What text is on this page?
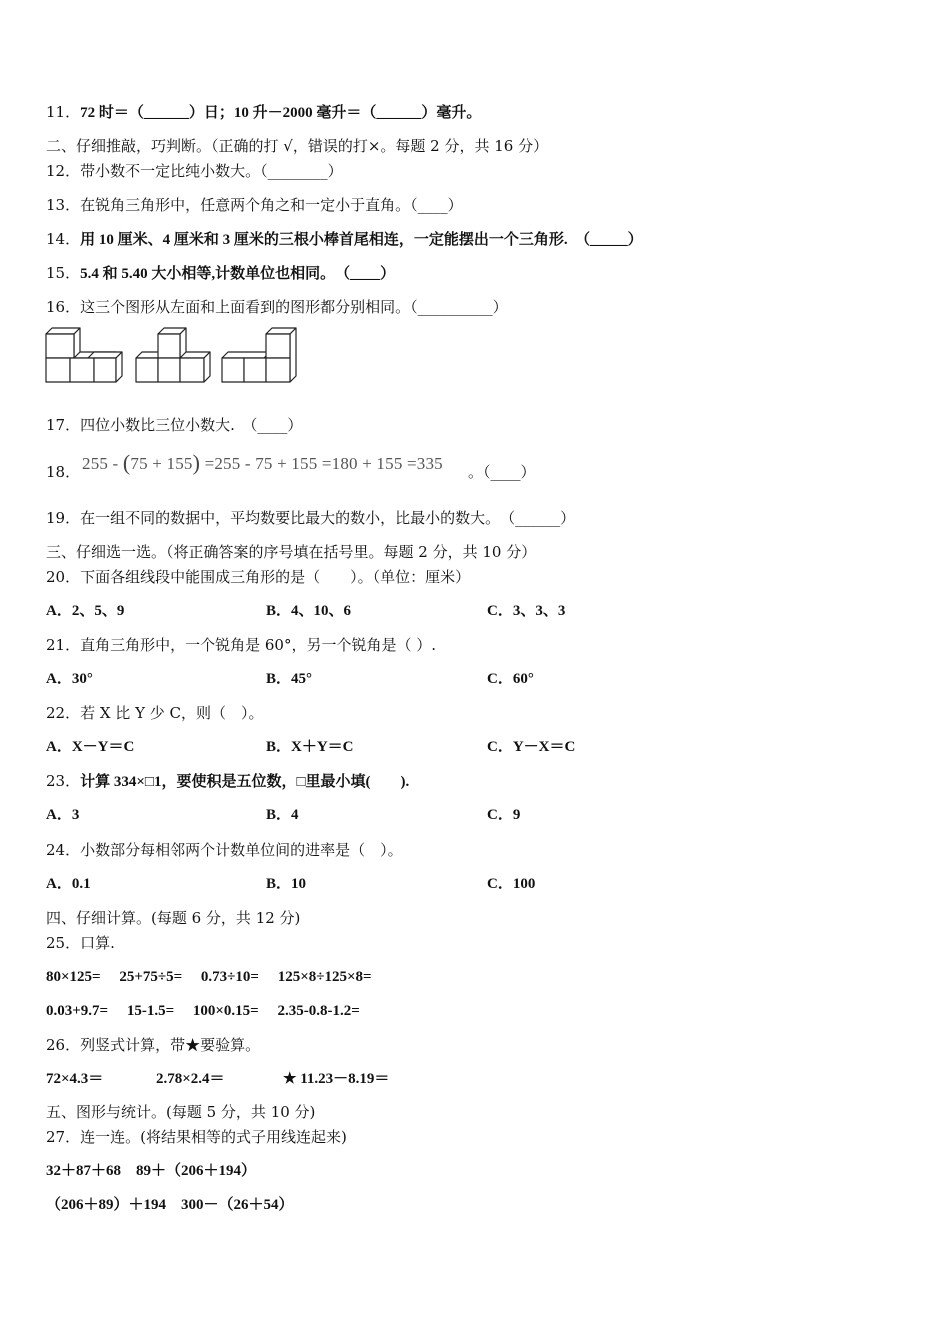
11．72 时＝（______）日；10 升－2000 毫升＝（______）毫升。
二、仔细推敲，巧判断。（正确的打 √，错误的打×。每题 2 分，共 16 分）
12．带小数不一定比纯小数大。（________）
13．在锐角三角形中，任意两个角之和一定小于直角。（____）
14．用 10 厘米、4 厘米和 3 厘米的三根小棒首尾相连，一定能摆出一个三角形.　（_____）
15．5.4 和 5.40 大小相等,计数单位也相同。　（____）
16．这三个图形从左面和上面看到的图形都分别相同。（__________）
17．四位小数比三位小数大.　（____）
18． 255 - (75 + 155) =255 - 75 + 155 =180 + 155 =335 。（____）
19．在一组不同的数据中，平均数要比最大的数小，比最小的数大。　（______）
三、仔细选一选。（将正确答案的序号填在括号里。每题 2 分，共 10 分）
20．下面各组线段中能围成三角形的是（　　）。（单位：厘米）
A．2、5、9	B．4、10、6	C．3、3、3
21．直角三角形中，一个锐角是 60°，另一个锐角是（ ）.
A．30°	B．45°	C．60°
22．若 X 比 Y 少 C，则（　）。
A．X－Y＝C	B．X＋Y＝C	C．Y－X＝C
23．计算 334×□1，要使积是五位数，□里最小填(　　).
A．3	B．4	C．9
24．小数部分每相邻两个计数单位间的进率是（　）。
A．0.1	B．10	C．100
四、仔细计算。(每题 6 分，共 12 分)
25．口算.
80×125=　 25+75÷5=　 0.73÷10=　 125×8÷125×8=
0.03+9.7=　 15-1.5=　 100×0.15=　 2.35-0.8-1.2=
26．列竖式计算，带★要验算。
72×4.3＝	2.78×2.4＝	★ 11.23－8.19＝
五、图形与统计。(每题 5 分，共 10 分)
27．连一连。(将结果相等的式子用线连起来)
32＋87＋68　89＋（206＋194）
（206＋89）＋194　300－（26＋54）
